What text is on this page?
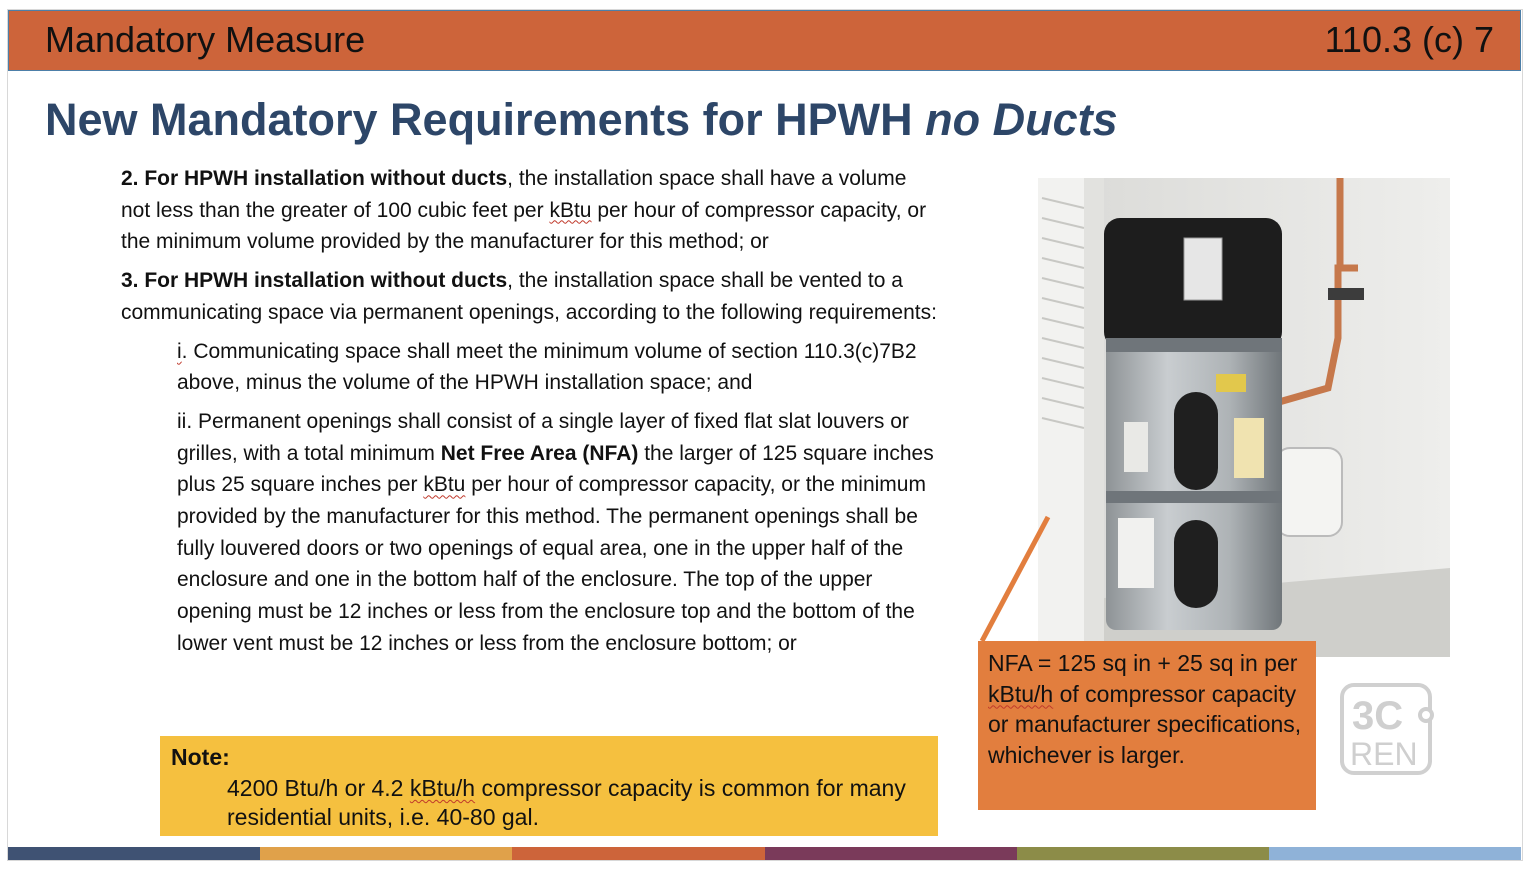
Mandatory Measure	110.3 (c) 7
New Mandatory Requirements for HPWH no Ducts

2. For HPWH installation without ducts, the installation space shall have a volume not less than the greater of 100 cubic feet per kBtu per hour of compressor capacity, or the minimum volume provided by the manufacturer for this method; or

3. For HPWH installation without ducts, the installation space shall be vented to a communicating space via permanent openings, according to the following requirements:

i. Communicating space shall meet the minimum volume of section 110.3(c)7B2 above, minus the volume of the HPWH installation space; and

ii. Permanent openings shall consist of a single layer of fixed flat slat louvers or grilles, with a total minimum Net Free Area (NFA) the larger of 125 square inches plus 25 square inches per kBtu per hour of compressor capacity, or the minimum provided by the manufacturer for this method. The permanent openings shall be fully louvered doors or two openings of equal area, one in the upper half of the enclosure and one in the bottom half of the enclosure. The top of the upper opening must be 12 inches or less from the enclosure top and the bottom of the lower vent must be 12 inches or less from the enclosure bottom; or

Note:
4200 Btu/h or 4.2 kBtu/h compressor capacity is common for many residential units, i.e. 40-80 gal.
NFA = 125 sq in + 25 sq in per kBtu/h of compressor capacity or manufacturer specifications, whichever is larger.
3C
REN
